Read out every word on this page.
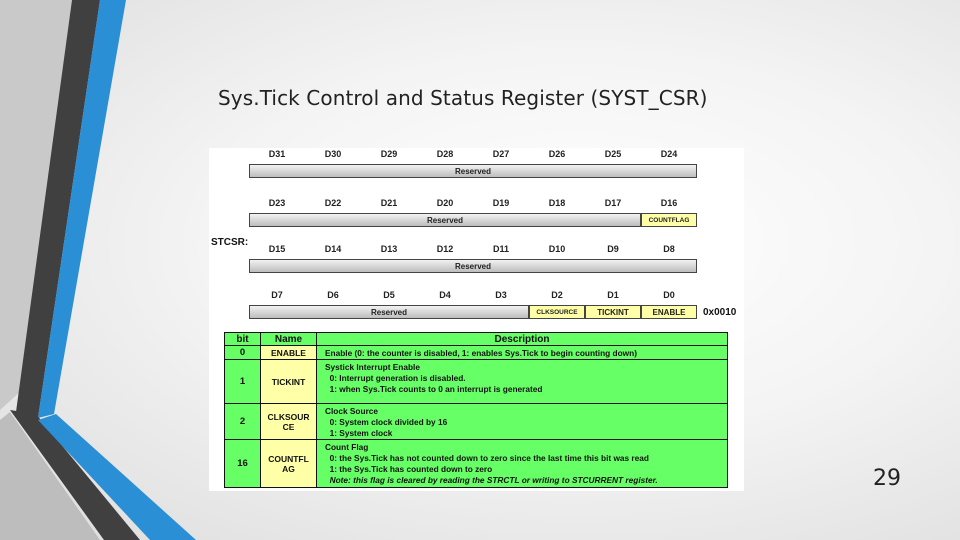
Sys.Tick Control and Status Register (SYST_CSR)
D31	D30	D29	D28	D27	D26	D25	D24
Reserved
D23	D22	D21	D20	D19	D18	D17	D16
Reserved	COUNTFLAG
D15	D14	D13	D12	D11	D10	D9	D8
Reserved
D7	D6	D5	D4	D3	D2	D1	D0
Reserved	CLKSOURCE	TICKINT	ENABLE
STCSR:
0x0010
bit	Name	Description
0	ENABLE	Enable (0: the counter is disabled, 1: enables Sys.Tick to begin counting down)
1	TICKINT
Systick Interrupt Enable
0: Interrupt generation is disabled.
1: when Sys.Tick counts to 0 an interrupt is generated
2	CLKSOUR CE
Clock Source
0: System clock divided by 16
1: System clock
16	COUNTFL AG
Count Flag
0: the Sys.Tick has not counted down to zero since the last time this bit was read
1: the Sys.Tick has counted down to zero
Note: this flag is cleared by reading the STRCTL or writing to STCURRENT register.	29
